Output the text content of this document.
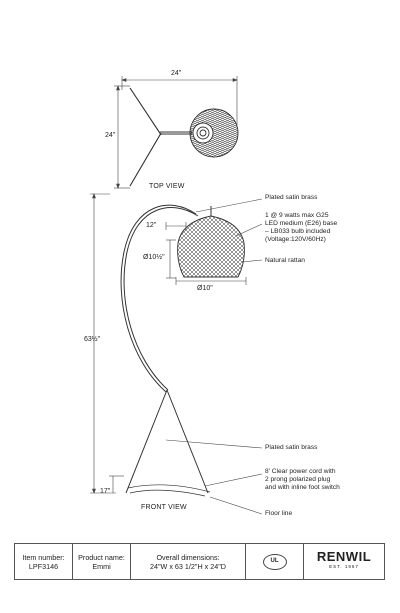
24"
24"
TOP VIEW
12"
Ø10½"
Ø10"
63½"
17"
FRONT VIEW
Plated satin brass
1 @ 9 watts max G25
LED medium (E26) base
– LB033 bulb included
(Voltage:120V/60Hz)
Natural rattan
Plated satin brass
8' Clear power cord with
2 prong polarized plug
and with inline foot switch
Floor line
Item number:
LPF3146
Product name:
Emmi
Overall dimensions:
24"W x 63 1/2"H x 24"D
UL	RENWIL
EST. 1967
